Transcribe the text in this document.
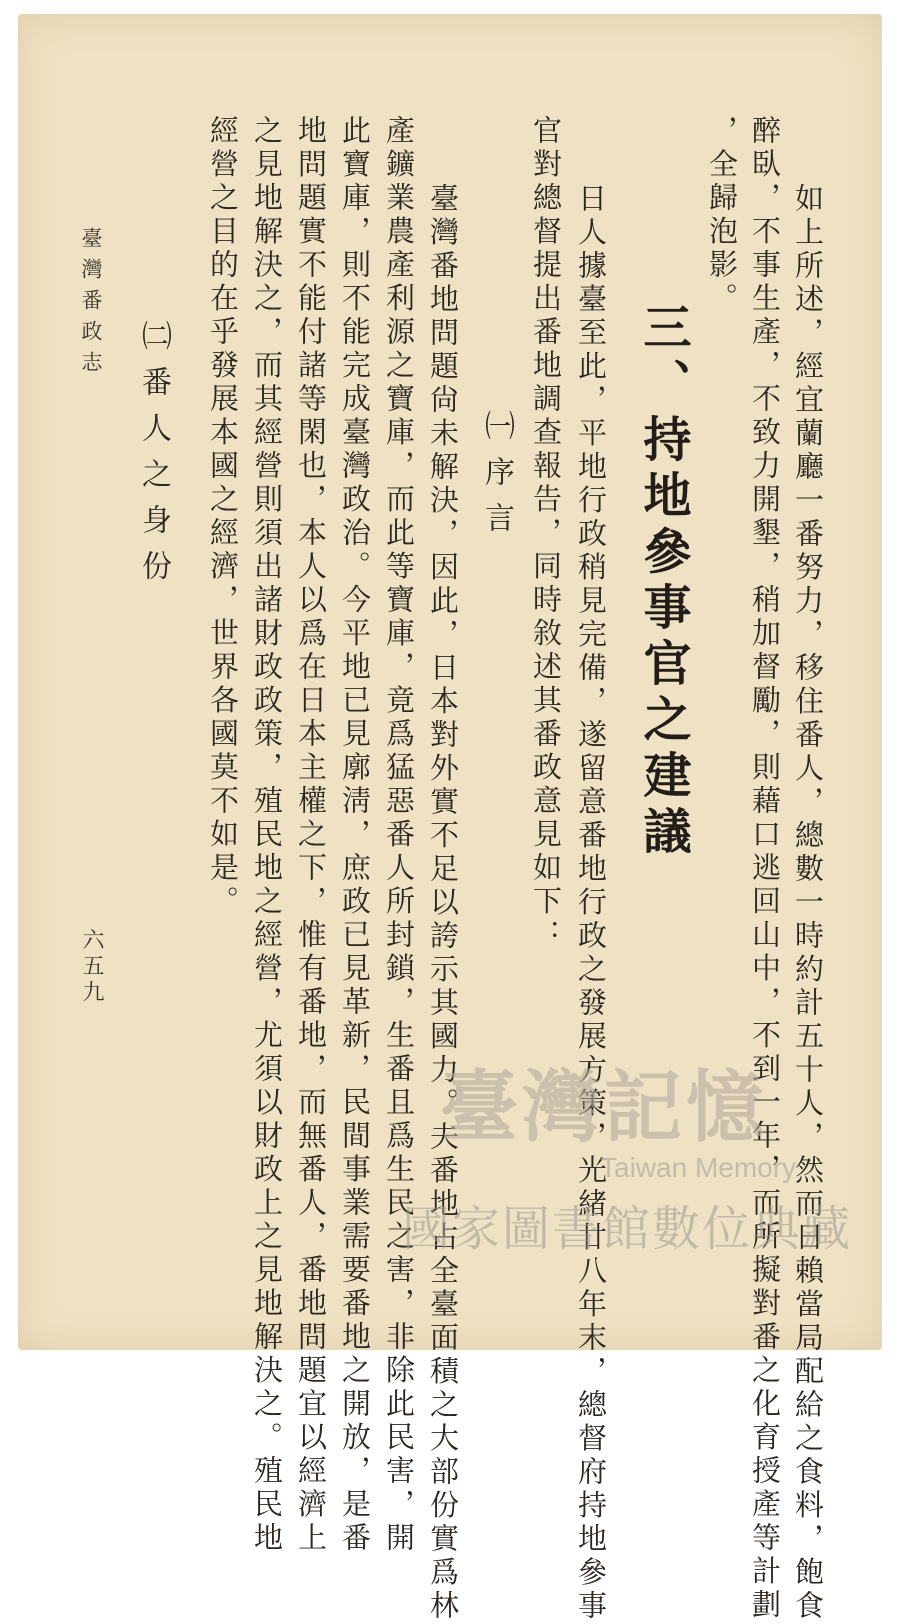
如上所述，經宜蘭廳一番努力，移住番人，總數一時約計五十人，然而日賴當局配給之食料，飽食

醉臥，不事生產，不致力開墾，稍加督勵，則藉口逃回山中，不到一年，而所擬對番之化育授產等計劃

，全歸泡影。

三、持地參事官之建議

日人據臺至此，平地行政稍見完備，遂留意番地行政之發展方策，光緒廿八年末，總督府持地參事

官對總督提出番地調查報告，同時敘述其番政意見如下：

㈠序言

臺灣番地問題尙未解決，因此，日本對外實不足以誇示其國力。夫番地占全臺面積之大部份實爲林

產鑛業農產利源之寶庫，而此等寶庫，竟爲猛惡番人所封鎖，生番且爲生民之害，非除此民害，開

此寶庫，則不能完成臺灣政治。今平地已見廓淸，庶政已見革新，民間事業需要番地之開放，是番

地問題實不能付諸等閑也，本人以爲在日本主權之下，惟有番地，而無番人，番地問題宜以經濟上

之見地解決之，而其經營則須出諸財政政策，殖民地之經營，尤須以財政上之見地解決之。殖民地

經營之目的在乎發展本國之經濟，世界各國莫不如是。

㈡番人之身份
臺灣番政志
六五九
臺灣記憶
Taiwan Memory
國家圖書館數位典藏
